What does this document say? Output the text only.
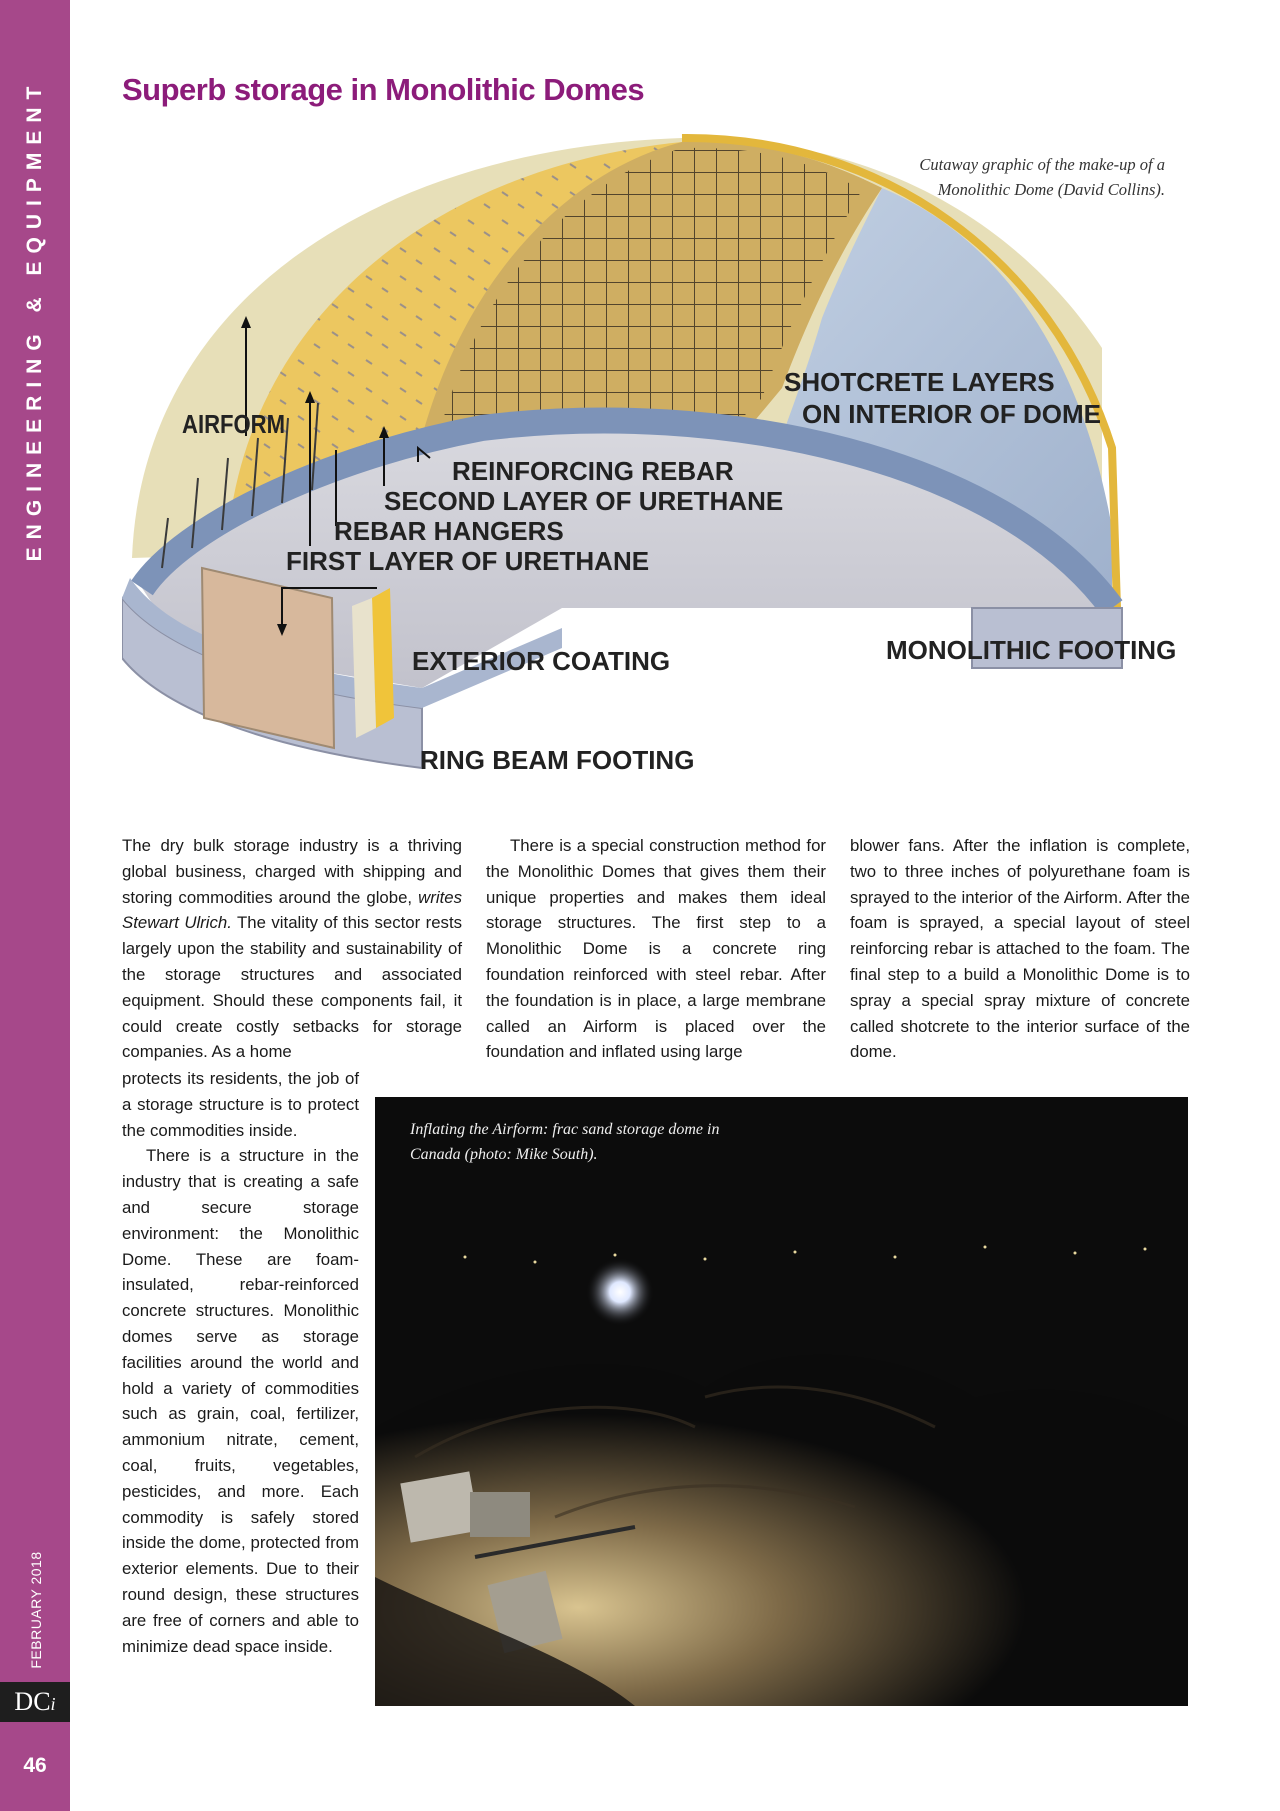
ENGINEERING & EQUIPMENT
FEBRUARY 2018
DCi
46
Superb storage in Monolithic Domes
AIRFORM
SHOTCRETE LAYERS
ON INTERIOR OF DOME
REINFORCING REBAR
SECOND LAYER OF URETHANE
REBAR HANGERS
FIRST LAYER OF URETHANE
EXTERIOR COATING	MONOLITHIC FOOTING
RING BEAM FOOTING
Cutaway graphic of the make-up of a Monolithic Dome (David Collins).

The dry bulk storage industry is a thriving global business, charged with shipping and storing commodities around the globe, writes Stewart Ulrich. The vitality of this sector rests largely upon the stability and sustainability of the storage structures and associated equipment. Should these components fail, it could create costly setbacks for storage companies. As a home

protects its residents, the job of a storage structure is to protect the commodities inside.

There is a structure in the industry that is creating a safe and secure storage environment: the Monolithic Dome. These are foam-insulated, rebar-reinforced concrete structures. Monolithic domes serve as storage facilities around the world and hold a variety of commodities such as grain, coal, fertilizer, ammonium nitrate, cement, coal, fruits, vegetables, pesticides, and more. Each commodity is safely stored inside the dome, protected from exterior elements. Due to their round design, these structures are free of corners and able to minimize dead space inside.

There is a special construction method for the Monolithic Domes that gives them their unique properties and makes them ideal storage structures. The first step to a Monolithic Dome is a concrete ring foundation reinforced with steel rebar. After the foundation is in place, a large membrane called an Airform is placed over the foundation and inflated using large

blower fans. After the inflation is complete, two to three inches of polyurethane foam is sprayed to the interior of the Airform. After the foam is sprayed, a special layout of steel reinforcing rebar is attached to the foam. The final step to a build a Monolithic Dome is to spray a special spray mixture of concrete called shotcrete to the interior surface of the dome.

Inflating the Airform: frac sand storage dome in Canada (photo: Mike South).
